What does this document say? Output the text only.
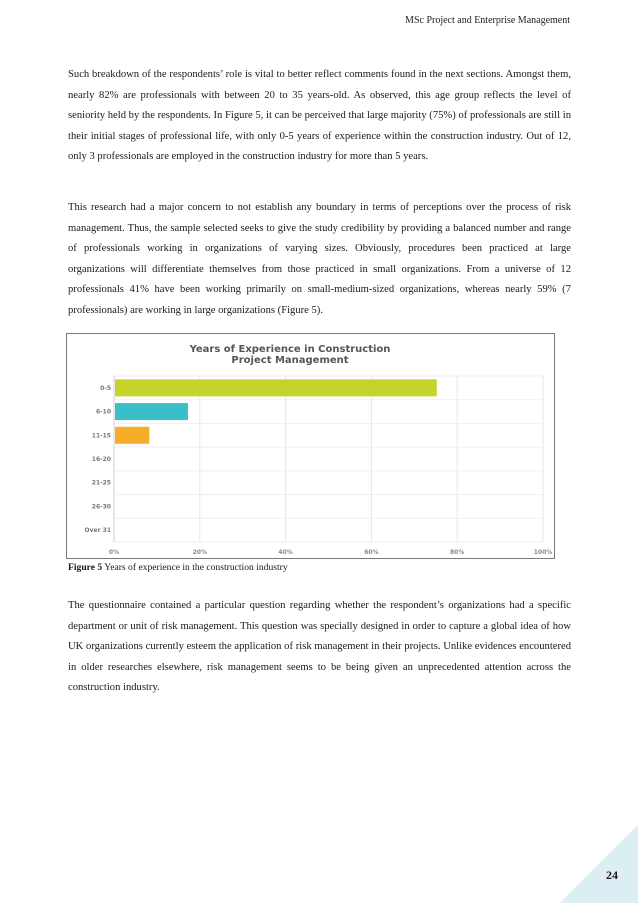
MSc Project and Enterprise Management

Such breakdown of the respondents’ role is vital to better reflect comments found in the next sections. Amongst them, nearly 82% are professionals with between 20 to 35 years-old. As observed, this age group reflects the level of seniority held by the respondents. In Figure 5, it can be perceived that large majority (75%) of professionals are still in their initial stages of professional life, with only 0-5 years of experience within the construction industry. Out of 12, only 3 professionals are employed in the construction industry for more than 5 years.

This research had a major concern to not establish any boundary in terms of perceptions over the process of risk management. Thus, the sample selected seeks to give the study credibility by providing a balanced number and range of professionals working in organizations of varying sizes. Obviously, procedures been practiced at large organizations will differentiate themselves from those practiced in small organizations. From a universe of 12 professionals 41% have been working primarily on small-medium-sized organizations, whereas nearly 59% (7 professionals) are working in large organizations (Figure 5).

Years of Experience in Construction
Project Management
0%	20%	40%	60%	80%	100%
0-5
6-10
11-15
16-20
21-25
26-30
Over 31
Figure 5 Years of experience in the construction industry

The questionnaire contained a particular question regarding whether the respondent’s organizations had a specific department or unit of risk management. This question was specially designed in order to capture a global idea of how UK organizations currently esteem the application of risk management in their projects. Unlike evidences encountered in older researches elsewhere, risk management seems to be being given an unprecedented attention across the construction industry.

24
